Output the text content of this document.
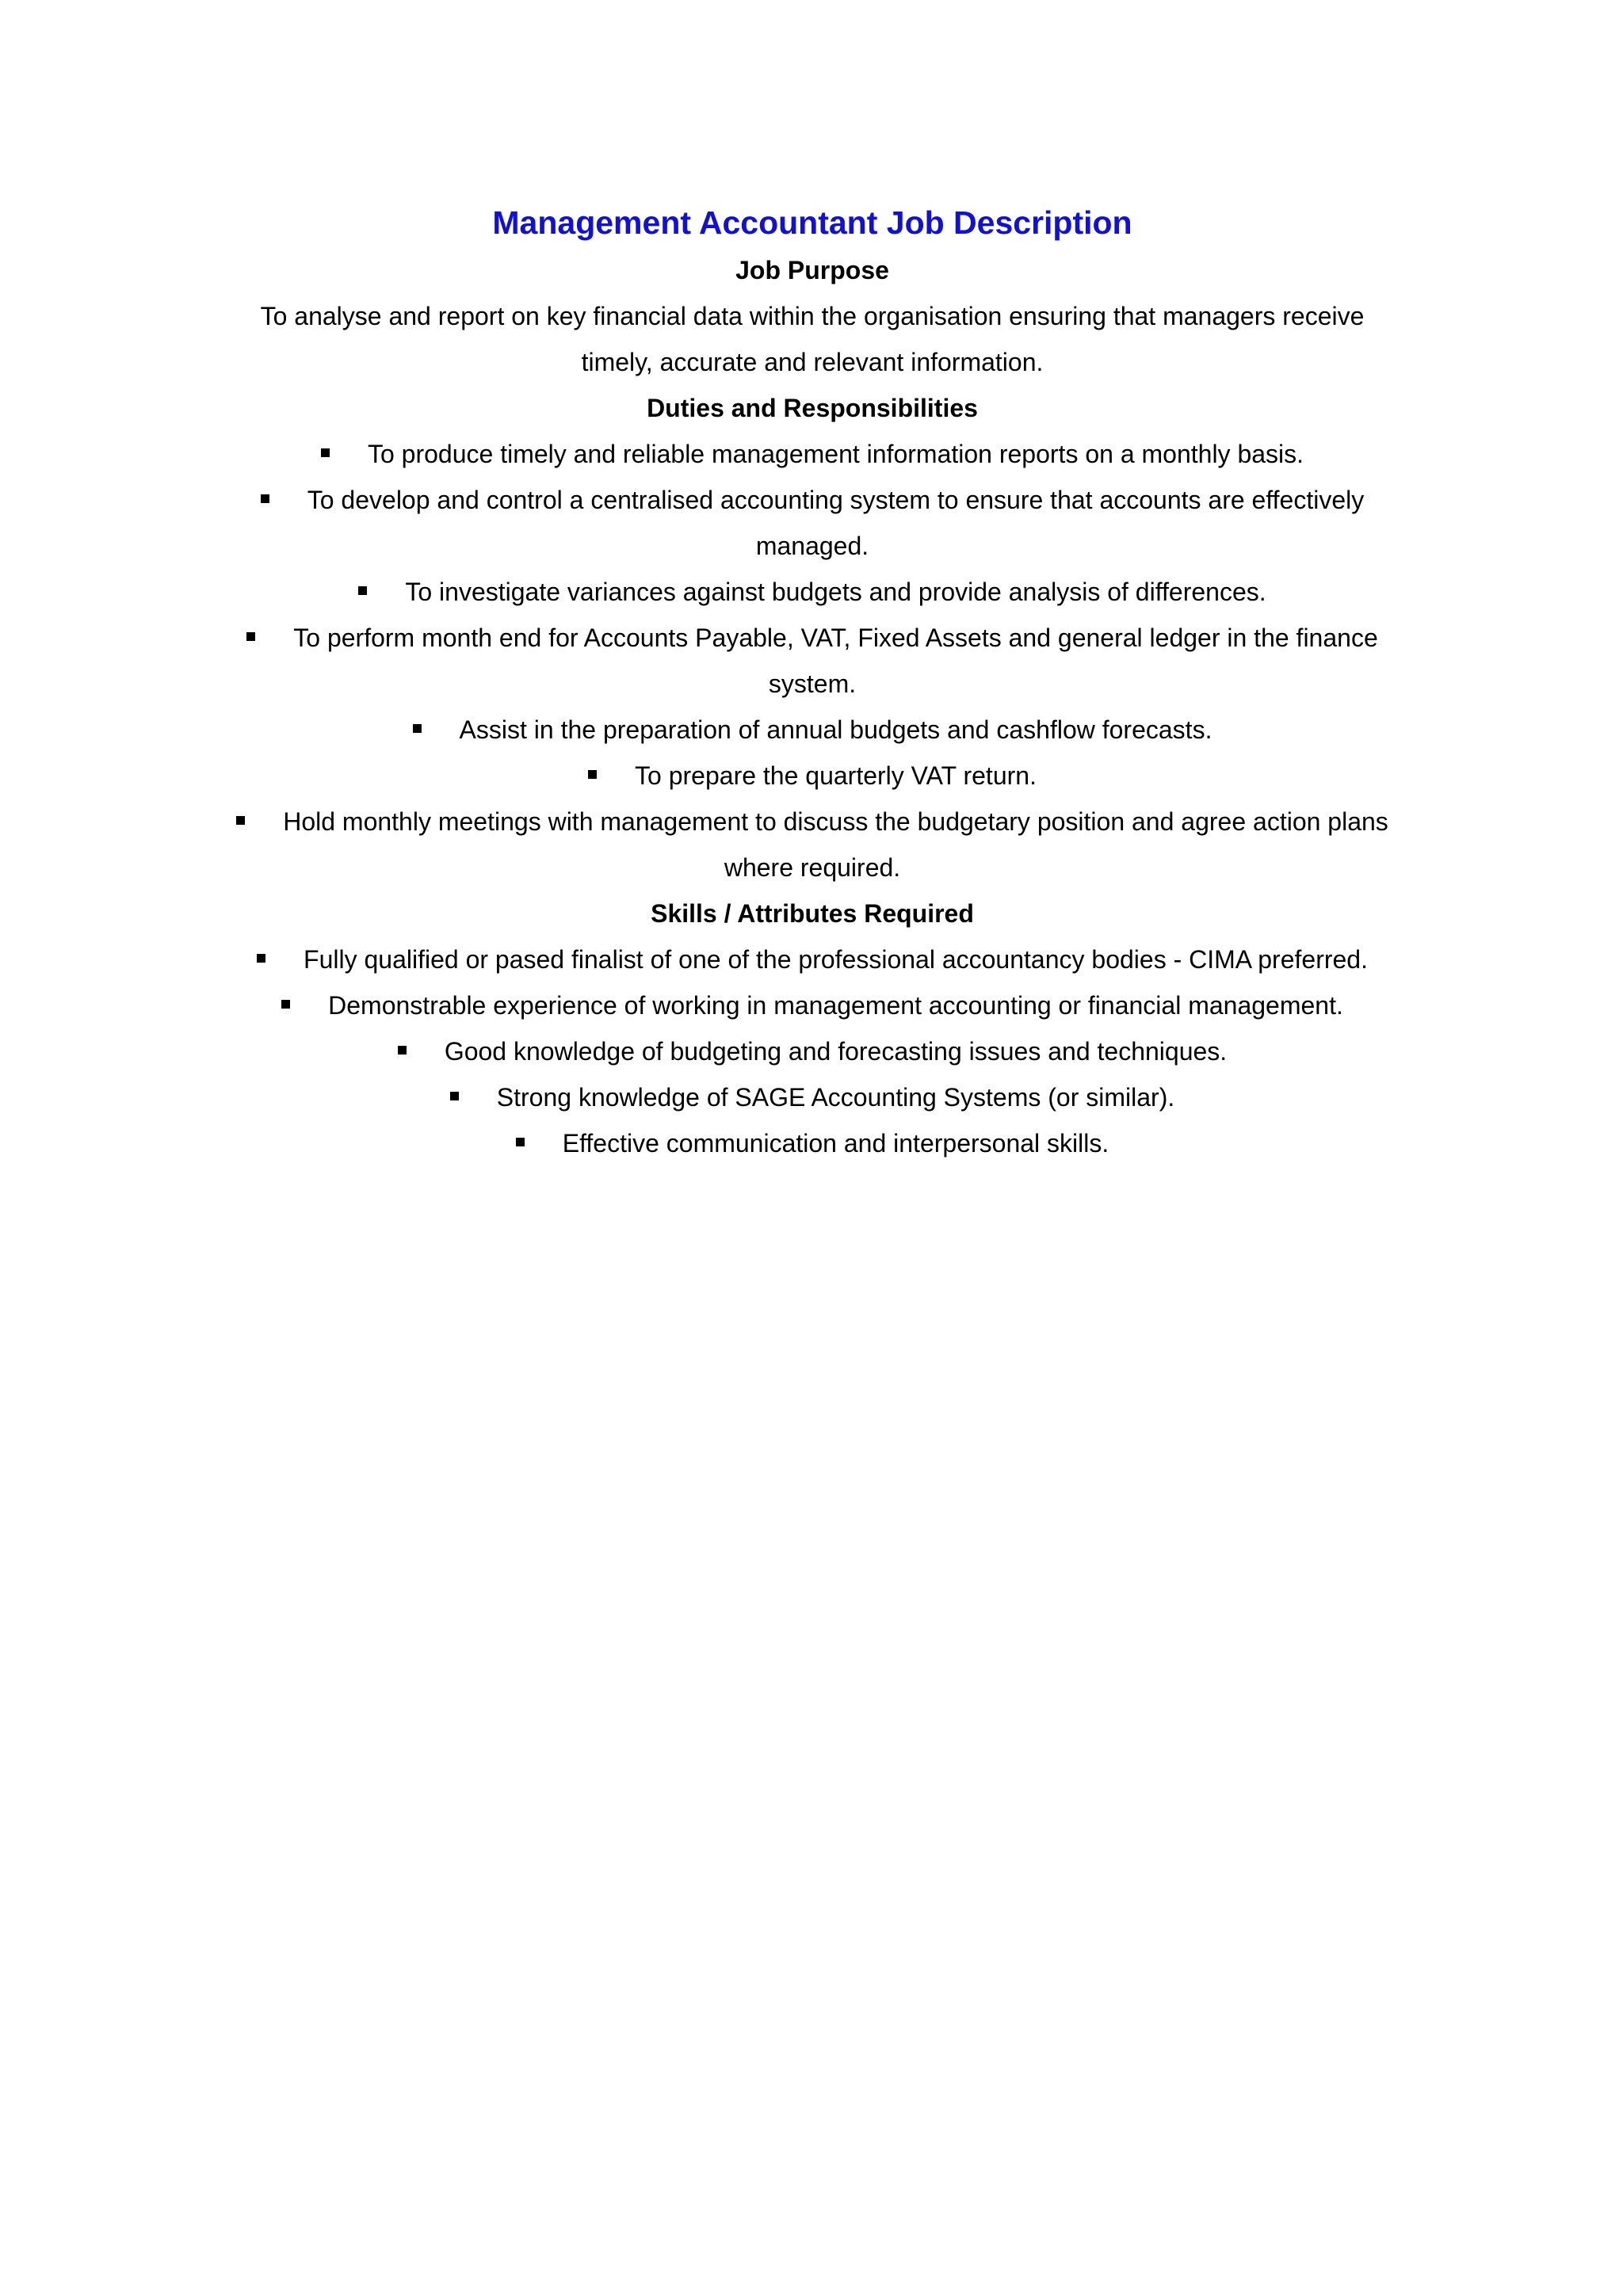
Management Accountant Job Description
Job Purpose

To analyse and report on key financial data within the organisation ensuring that managers receive timely, accurate and relevant information.

Duties and Responsibilities
To produce timely and reliable management information reports on a monthly basis.
To develop and control a centralised accounting system to ensure that accounts are effectively managed.
To investigate variances against budgets and provide analysis of differences.
To perform month end for Accounts Payable, VAT, Fixed Assets and general ledger in the finance system.
Assist in the preparation of annual budgets and cashflow forecasts.
To prepare the quarterly VAT return.
Hold monthly meetings with management to discuss the budgetary position and agree action plans where required.
Skills / Attributes Required
Fully qualified or pased finalist of one of the professional accountancy bodies - CIMA preferred.
Demonstrable experience of working in management accounting or financial management.
Good knowledge of budgeting and forecasting issues and techniques.
Strong knowledge of SAGE Accounting Systems (or similar).
Effective communication and interpersonal skills.
